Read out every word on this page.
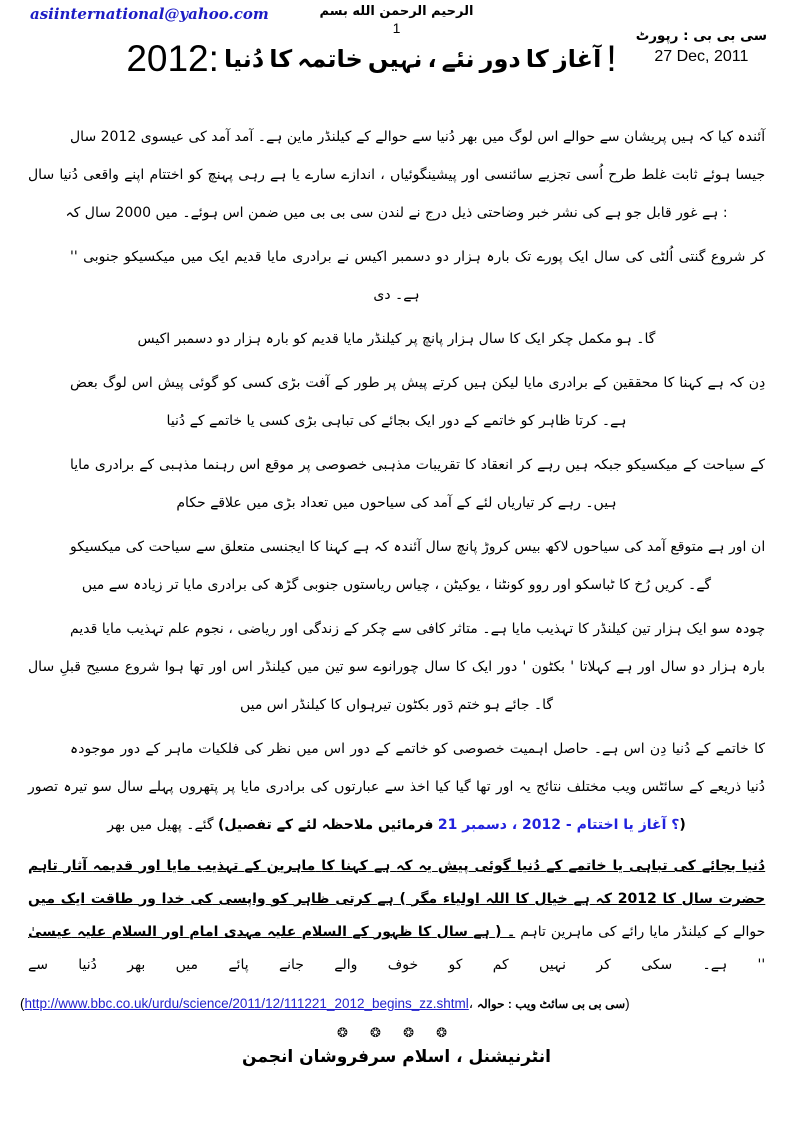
asiinternational@yahoo.com	بسم الله الرحمن الرحيم
1	رپورٹ : بی بی سی
27 Dec, 2011
2012: دُنیا کا خاتمہ نہیں ، نئے دور کا آغاز !

سال 2012 عیسوی کی آمد آمد ہے۔ ماین کیلنڈر کے حوالے سے دُنیا بھر میں لوگ اس حوالے سے پریشان ہیں کہ کیا آئندہ سال دُنیا واقعی اپنے اختتام کو پہنچ رہی ہے یا سارے اندازے ، پیشینگوئیاں اور سائنسی تجزیے اُسی طرح غلط ثابت ہوئے جیسا کہ سال 2000 میں ہوئے۔ اس ضمن میں بی بی سی لندن نے درج ذیل وضاحتی خبر نشر کی ہے جو قابل غور ہے :

'' جنوبی میکسیکو میں ایک قدیم مایا برادری نے اکیس دسمبر دو ہزار بارہ تک پورے ایک سال کی اُلٹی گنتی شروع کر دی ہے۔

اکیس دسمبر دو ہزار بارہ کو قدیم مایا کیلنڈر پر پانچ ہزار سال کا ایک چکر مکمل ہو گا۔

بعض لوگ اس پیش گوئی کو کسی بڑی آفت کے طور پر پیش کرتے ہیں لیکن مایا برادری کے محققین کا کہنا ہے کہ دِن دُنیا کے خاتمے یا کسی بڑی تباہی کی بجائے ایک دور کے خاتمے کو ظاہر کرتا ہے۔

مایا برادری کے مذہبی رہنما اس موقع پر خصوصی مذہبی تقریبات کا انعقاد کر رہے ہیں جبکہ میکسیکو کے سیاحت کے حکام علاقے میں بڑی تعداد میں سیاحوں کی آمد کے لئے تیاریاں کر رہے ہیں۔

میکسیکو کی سیاحت سے متعلق ایجنسی کا کہنا ہے کہ آئندہ سال پانچ کروڑ بیس لاکھ سیاحوں کی آمد متوقع ہے اور ان میں سے زیادہ تر مایا برادری کی گڑھ جنوبی ریاستوں چیاس ، یوکیٹن ، کونٹنا روو اور ٹباسکو کا رُخ کریں گے۔

قدیم مایا تہذیب علم نجوم ، ریاضی اور زندگی کے چکر سے کافی متاثر ہے۔ مایا تہذیب کا کیلنڈر تین ہزار ایک سو چودہ سال قبلِ مسیح شروع ہوا تھا اور اس کیلنڈر میں تین سو چورانوے سال کا ایک دور ' بکٹون ' کہلاتا ہے اور سال دو ہزار بارہ میں اس کیلنڈر کا تیرہواں بکٹون دَور ختم ہو جائے گا۔

موجودہ دور کے ماہر فلکیات کی نظر میں اس دور کے خاتمے کو خصوصی اہمیت حاصل ہے۔ اس دِن دُنیا کے خاتمے کا تصور تیرہ سو سال پہلے پتھروں پر مایا برادری کی عبارتوں سے اخذ کیا گیا تھا اور یہ نتائج مختلف ویب سائٹس کے ذریعے دُنیا بھر میں پھیل گئے۔ (تفصیل کے لئے ملاحظہ فرمائیں 21 دسمبر ، 2012 - اختتام یا آغاز ؟)

تاہم آثار قدیمہ اور مایا تہذیب کے ماہرین کا کہنا ہے کہ یہ پیش گوئی دُنیا کے خاتمے یا تباہی کی بجائے دُنیا میں ایک طاقت ور خدا کی واپسی کو ظاہر کرتی ہے ( مگر اولیاء اللہ کا خیال ہے کہ 2012 کا سال حضرت عیسیٰ علیہ السلام اور امام مہدی علیہ السلام کے ظہور کا سال ہے ) ۔ تاہم ماہرین کی رائے مایا کیلنڈر کے حوالے سے دُنیا بھر میں پائے جانے والے خوف کو کم نہیں کر سکی ہے۔ ''

(http://www.bbc.co.uk/urdu/science/2011/12/111221_2012_begins_zz.shtml، حوالہ : ویب سائٹ بی بی سی)
❂ ❂ ❂ ❂
انجمن سرفروشان اسلام ، انٹرنیشنل
